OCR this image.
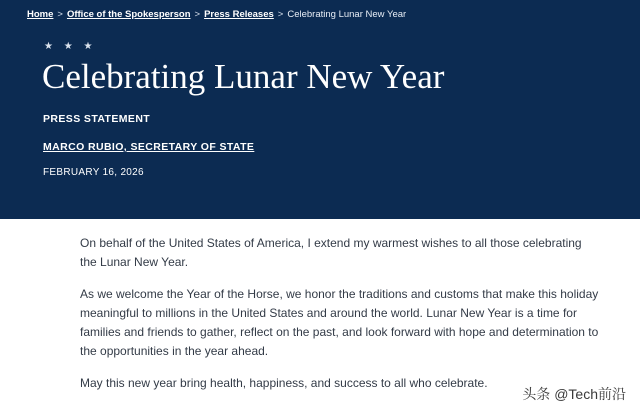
Home > Office of the Spokesperson > Press Releases > Celebrating Lunar New Year
★ ★ ★
Celebrating Lunar New Year
PRESS STATEMENT
MARCO RUBIO, SECRETARY OF STATE
FEBRUARY 16, 2026

On behalf of the United States of America, I extend my warmest wishes to all those celebrating the Lunar New Year.

As we welcome the Year of the Horse, we honor the traditions and customs that make this holiday meaningful to millions in the United States and around the world. Lunar New Year is a time for families and friends to gather, reflect on the past, and look forward with hope and determination to the opportunities in the year ahead.

May this new year bring health, happiness, and success to all who celebrate.

头条 @Tech前沿
